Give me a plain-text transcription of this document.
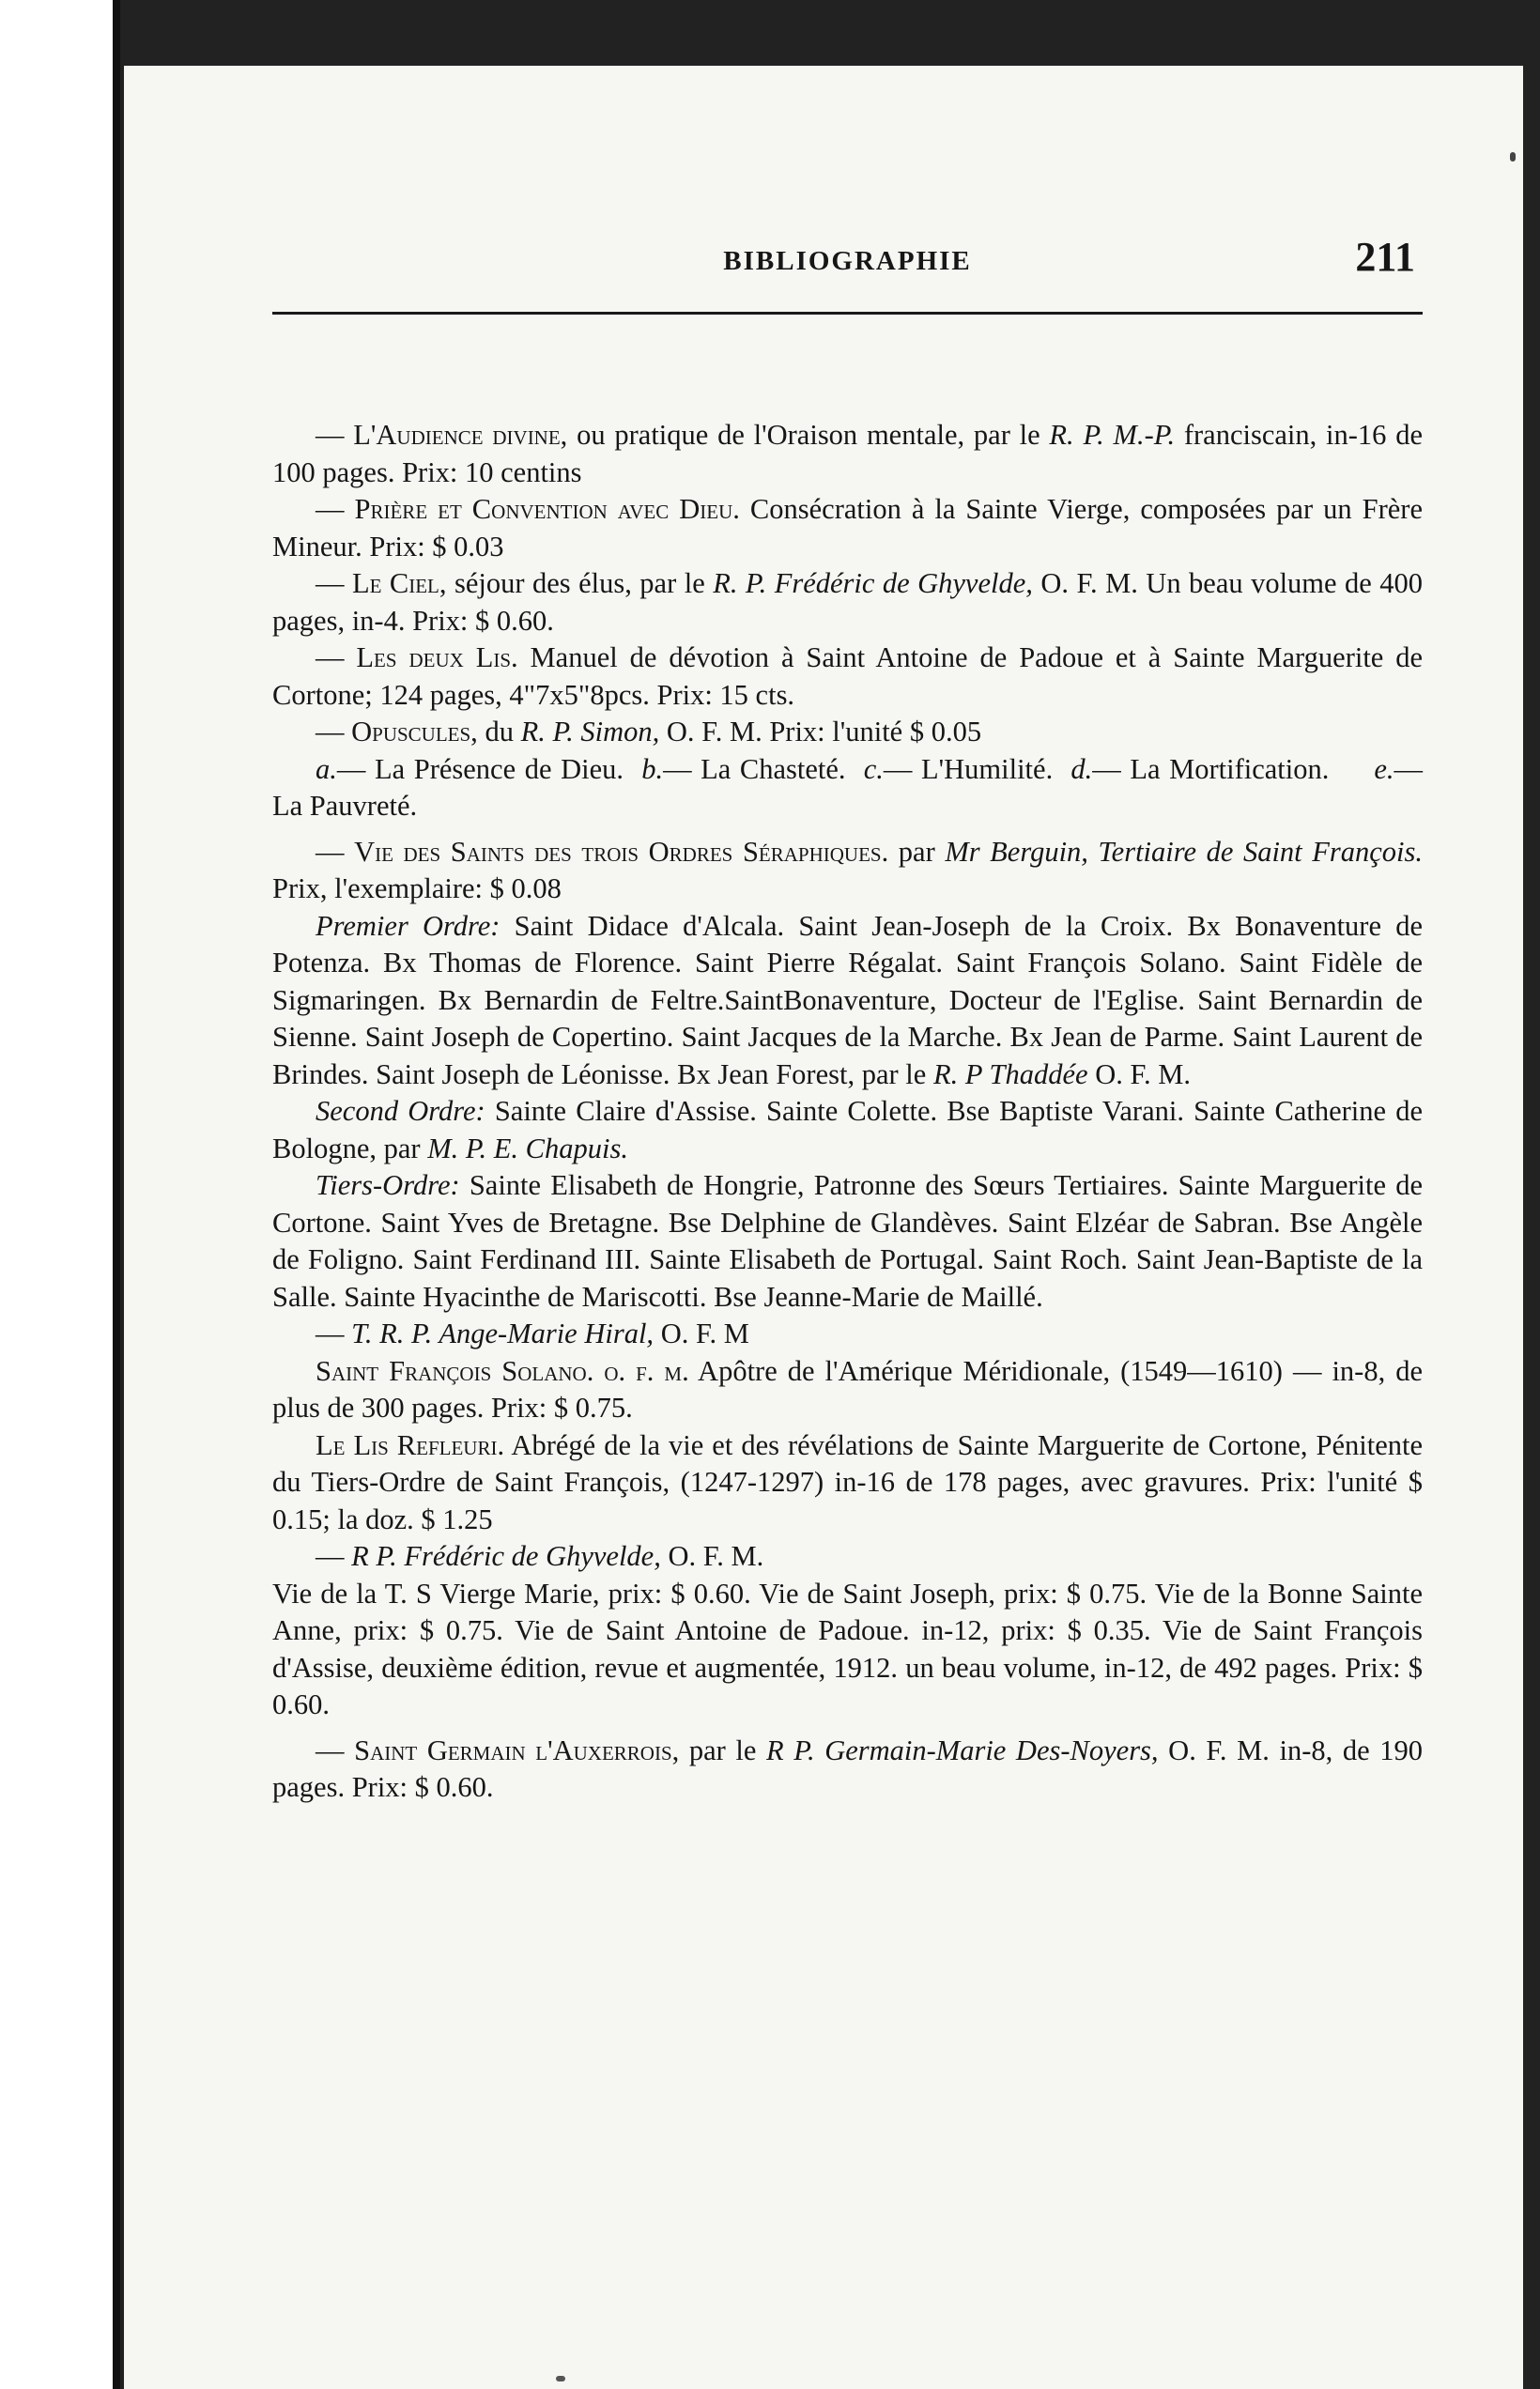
BIBLIOGRAPHIE	211

— L'Audience divine, ou pratique de l'Oraison mentale, par le R. P. M.-P. franciscain, in-16 de 100 pages. Prix: 10 centins

— Prière et Convention avec Dieu. Consécration à la Sainte Vierge, composées par un Frère Mineur. Prix: $ 0.03

— Le Ciel, séjour des élus, par le R. P. Frédéric de Ghyvelde, O. F. M. Un beau volume de 400 pages, in-4. Prix: $ 0.60.

— Les deux Lis. Manuel de dévotion à Saint Antoine de Padoue et à Sainte Marguerite de Cortone; 124 pages, 4"7x5"8pcs. Prix: 15 cts.

— Opuscules, du R. P. Simon, O. F. M. Prix: l'unité $ 0.05

a.— La Présence de Dieu. b.— La Chasteté. c.— L'Humilité. d.— La Mortification. e.— La Pauvreté.

— Vie des Saints des trois Ordres Séraphiques. par Mr Berguin, Tertiaire de Saint François. Prix, l'exemplaire: $ 0.08

Premier Ordre: Saint Didace d'Alcala. Saint Jean-Joseph de la Croix. Bx Bonaventure de Potenza. Bx Thomas de Florence. Saint Pierre Régalat. Saint François Solano. Saint Fidèle de Sigmaringen. Bx Bernardin de Feltre.SaintBonaventure, Docteur de l'Eglise. Saint Bernardin de Sienne. Saint Joseph de Copertino. Saint Jacques de la Marche. Bx Jean de Parme. Saint Laurent de Brindes. Saint Joseph de Léonisse. Bx Jean Forest, par le R. P Thaddée O. F. M.

Second Ordre: Sainte Claire d'Assise. Sainte Colette. Bse Baptiste Varani. Sainte Catherine de Bologne, par M. P. E. Chapuis.

Tiers-Ordre: Sainte Elisabeth de Hongrie, Patronne des Sœurs Tertiaires. Sainte Marguerite de Cortone. Saint Yves de Bretagne. Bse Delphine de Glandèves. Saint Elzéar de Sabran. Bse Angèle de Foligno. Saint Ferdinand III. Sainte Elisabeth de Portugal. Saint Roch. Saint Jean-Baptiste de la Salle. Sainte Hyacinthe de Mariscotti. Bse Jeanne-Marie de Maillé.

— T. R. P. Ange-Marie Hiral, O. F. M

Saint François Solano. o. f. m. Apôtre de l'Amérique Méridionale, (1549—1610) — in-8, de plus de 300 pages. Prix: $ 0.75.

Le Lis Refleuri. Abrégé de la vie et des révélations de Sainte Marguerite de Cortone, Pénitente du Tiers-Ordre de Saint François, (1247-1297) in-16 de 178 pages, avec gravures. Prix: l'unité $ 0.15; la doz. $ 1.25

— R P. Frédéric de Ghyvelde, O. F. M.

Vie de la T. S Vierge Marie, prix: $ 0.60. Vie de Saint Joseph, prix: $ 0.75. Vie de la Bonne Sainte Anne, prix: $ 0.75. Vie de Saint Antoine de Padoue. in-12, prix: $ 0.35. Vie de Saint François d'Assise, deuxième édition, revue et augmentée, 1912. un beau volume, in-12, de 492 pages. Prix: $ 0.60.

— Saint Germain l'Auxerrois, par le R P. Germain-Marie Des-Noyers, O. F. M. in-8, de 190 pages. Prix: $ 0.60.
